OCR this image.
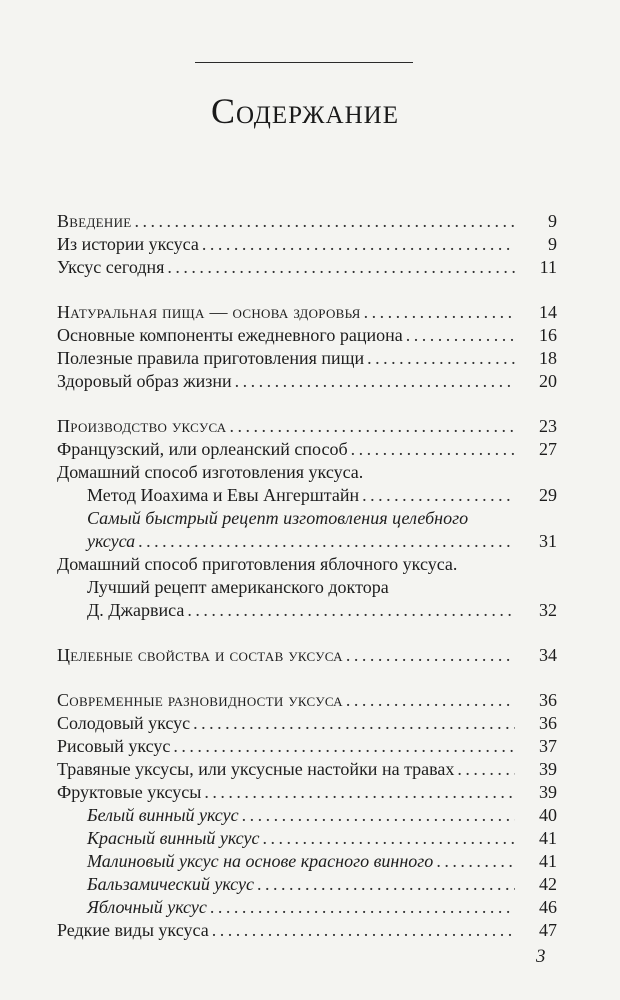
Содержание
Введение . . .	9
Из истории уксуса . . .	9
Уксус сегодня . . .	11
Натуральная пища — основа здоровья . . .	14
Основные компоненты ежедневного рациона . . .	16
Полезные правила приготовления пищи . . .	18
Здоровый образ жизни . . .	20
Производство уксуса . . .	23
Французский, или орлеанский способ . . .	27
Домашний способ изготовления уксуса.
Метод Иоахима и Евы Ангерштайн . . .	29
Самый быстрый рецепт изготовления целебного
уксуса . . .	31
Домашний способ приготовления яблочного уксуса.
Лучший рецепт американского доктора
Д. Джарвиса . . .	32
Целебные свойства и состав уксуса . . .	34
Современные разновидности уксуса . . .	36
Солодовый уксус . . .	36
Рисовый уксус . . .	37
Травяные уксусы, или уксусные настойки на травах . . .	39
Фруктовые уксусы . . .	39
Белый винный уксус . . .	40
Красный винный уксус . . .	41
Малиновый уксус на основе красного винного . . .	41
Бальзамический уксус . . .	42
Яблочный уксус . . .	46
Редкие виды уксуса . . .	47
3
